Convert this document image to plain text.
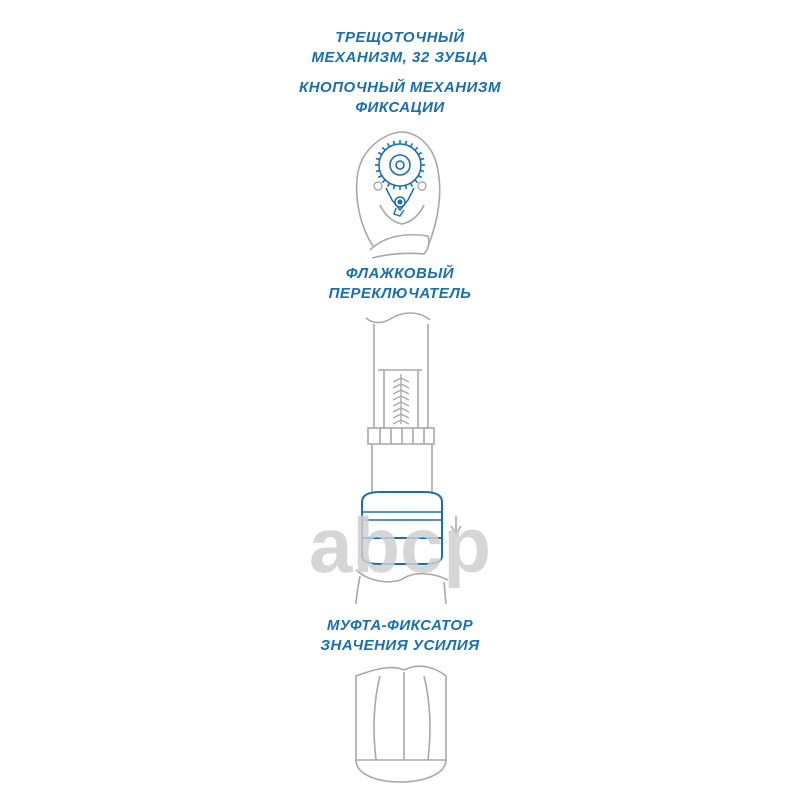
ТРЕЩОТОЧНЫЙ
МЕХАНИЗМ, 32 ЗУБЦА
КНОПОЧНЫЙ МЕХАНИЗМ
ФИКСАЦИИ
ФЛАЖКОВЫЙ
ПЕРЕКЛЮЧАТЕЛЬ
МУФТА-ФИКСАТОР
ЗНАЧЕНИЯ УСИЛИЯ
abcp
